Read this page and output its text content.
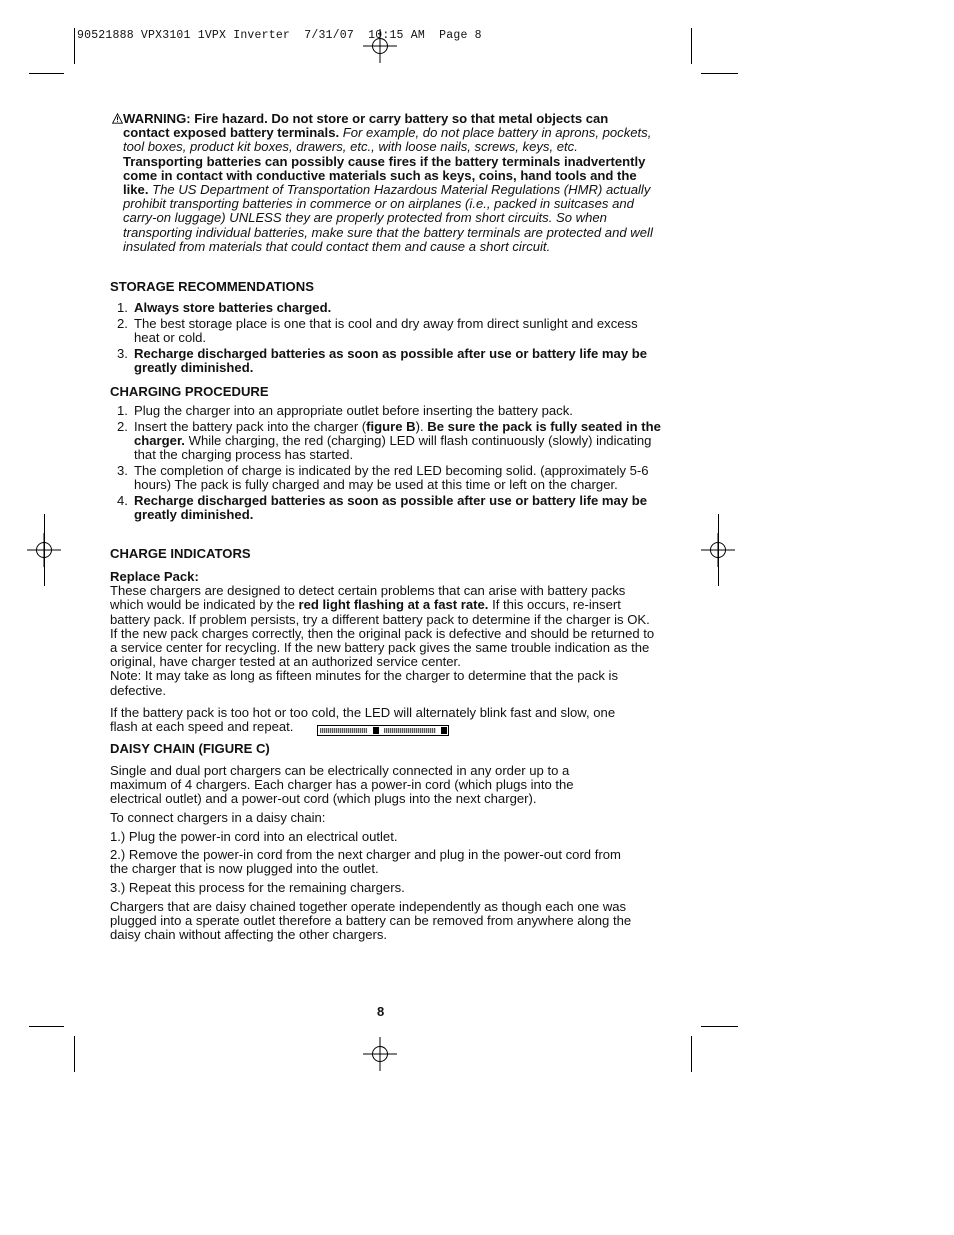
90521888 VPX3101 1VPX Inverter  7/31/07  10:15 AM  Page 8
WARNING: Fire hazard. Do not store or carry battery so that metal objects can contact exposed battery terminals. For example, do not place battery in aprons, pockets, tool boxes, product kit boxes, drawers, etc., with loose nails, screws, keys, etc.
Transporting batteries can possibly cause fires if the battery terminals inadvertently come in contact with conductive materials such as keys, coins, hand tools and the like. The US Department of Transportation Hazardous Material Regulations (HMR) actually prohibit transporting batteries in commerce or on airplanes (i.e., packed in suitcases and carry-on luggage) UNLESS they are properly protected from short circuits. So when transporting individual batteries, make sure that the battery terminals are protected and well insulated from materials that could contact them and cause a short circuit.
STORAGE RECOMMENDATIONS
1. Always store batteries charged.
2. The best storage place is one that is cool and dry away from direct sunlight and excess heat or cold.
3. Recharge discharged batteries as soon as possible after use or battery life may be greatly diminished.
CHARGING PROCEDURE
1. Plug the charger into an appropriate outlet before inserting the battery pack.
2. Insert the battery pack into the charger (figure B). Be sure the pack is fully seated in the charger. While charging, the red (charging) LED will flash continuously (slowly) indicating that the charging process has started.
3. The completion of charge is indicated by the red LED becoming solid. (approximately 5-6 hours) The pack is fully charged and may be used at this time or left on the charger.
4. Recharge discharged batteries as soon as possible after use or battery life may be greatly diminished.
CHARGE INDICATORS
Replace Pack:
These chargers are designed to detect certain problems that can arise with battery packs which would be indicated by the red light flashing at a fast rate. If this occurs, re-insert battery pack. If problem persists, try a different battery pack to determine if the charger is OK. If the new pack charges correctly, then the original pack is defective and should be returned to a service center for recycling. If the new battery pack gives the same trouble indication as the original, have charger tested at an authorized service center.
Note: It may take as long as fifteen minutes for the charger to determine that the pack is defective.
If the battery pack is too hot or too cold, the LED will alternately blink fast and slow, one flash at each speed and repeat.
DAISY CHAIN (FIGURE C)
Single and dual port chargers can be electrically connected in any order up to a maximum of 4 chargers. Each charger has a power-in cord (which plugs into the electrical outlet) and a power-out cord (which plugs into the next charger).
To connect chargers in a daisy chain:
1.) Plug the power-in cord into an electrical outlet.
2.) Remove the power-in cord from the next charger and plug in the power-out cord from the charger that is now plugged into the outlet.
3.) Repeat this process for the remaining chargers.
Chargers that are daisy chained together operate independently as though each one was plugged into a sperate outlet therefore a battery can be removed from anywhere along the daisy chain without affecting the other chargers.
8
